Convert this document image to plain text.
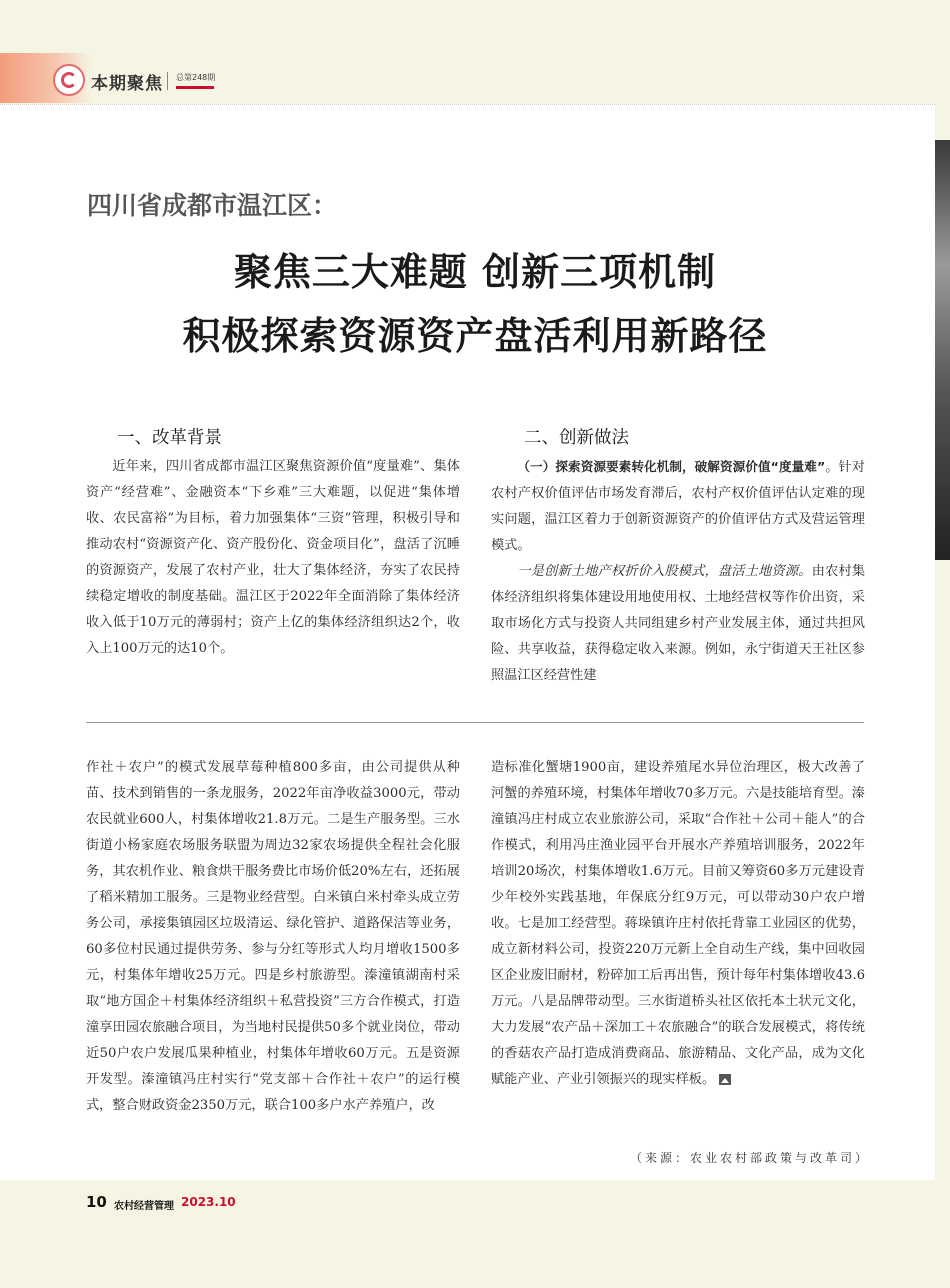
本期聚焦 总第248期
四川省成都市温江区：
聚焦三大难题 创新三项机制
积极探索资源资产盘活利用新路径
一、改革背景

近年来，四川省成都市温江区聚焦资源价值“度量难”、集体资产“经营难”、金融资本“下乡难”三大难题，以促进“集体增收、农民富裕”为目标，着力加强集体“三资”管理，积极引导和推动农村“资源资产化、资产股份化、资金项目化”，盘活了沉睡的资源资产，发展了农村产业，壮大了集体经济，夯实了农民持续稳定增收的制度基础。温江区于2022年全面消除了集体经济收入低于10万元的薄弱村；资产上亿的集体经济组织达2个，收入上100万元的达10个。

二、创新做法

（一）探索资源要素转化机制，破解资源价值“度量难”。针对农村产权价值评估市场发育滞后，农村产权价值评估认定难的现实问题，温江区着力于创新资源资产的价值评估方式及营运管理模式。

一是创新土地产权折价入股模式，盘活土地资源。由农村集体经济组织将集体建设用地使用权、土地经营权等作价出资，采取市场化方式与投资人共同组建乡村产业发展主体，通过共担风险、共享收益，获得稳定收入来源。例如，永宁街道天王社区参照温江区经营性建

作社＋农户”的模式发展草莓种植800多亩，由公司提供从种苗、技术到销售的一条龙服务，2022年亩净收益3000元，带动农民就业600人，村集体增收21.8万元。二是生产服务型。三水街道小杨家庭农场服务联盟为周边32家农场提供全程社会化服务，其农机作业、粮食烘干服务费比市场价低20%左右，还拓展了稻米精加工服务。三是物业经营型。白米镇白米村牵头成立劳务公司，承接集镇园区垃圾清运、绿化管护、道路保洁等业务，60多位村民通过提供劳务、参与分红等形式人均月增收1500多元，村集体年增收25万元。四是乡村旅游型。溱潼镇湖南村采取“地方国企＋村集体经济组织＋私营投资”三方合作模式，打造潼享田园农旅融合项目，为当地村民提供50多个就业岗位，带动近50户农户发展瓜果种植业，村集体年增收60万元。五是资源开发型。溱潼镇冯庄村实行“党支部＋合作社＋农户”的运行模式，整合财政资金2350万元，联合100多户水产养殖户，改

造标准化蟹塘1900亩，建设养殖尾水异位治理区，极大改善了河蟹的养殖环境，村集体年增收70多万元。六是技能培育型。溱潼镇冯庄村成立农业旅游公司，采取“合作社＋公司＋能人”的合作模式，利用冯庄渔业园平台开展水产养殖培训服务，2022年培训20场次，村集体增收1.6万元。目前又筹资60多万元建设青少年校外实践基地，年保底分红9万元，可以带动30户农户增收。七是加工经营型。蒋垛镇许庄村依托背靠工业园区的优势，成立新材料公司，投资220万元新上全自动生产线，集中回收园区企业废旧耐材，粉碎加工后再出售，预计每年村集体增收43.6万元。八是品牌带动型。三水街道桥头社区依托本土状元文化，大力发展“农产品＋深加工＋农旅融合”的联合发展模式，将传统的香菇农产品打造成消费商品、旅游精品、文化产品，成为文化赋能产业、产业引领振兴的现实样板。

（来源：农业农村部政策与改革司）
10 农村经营管理 2023.10
